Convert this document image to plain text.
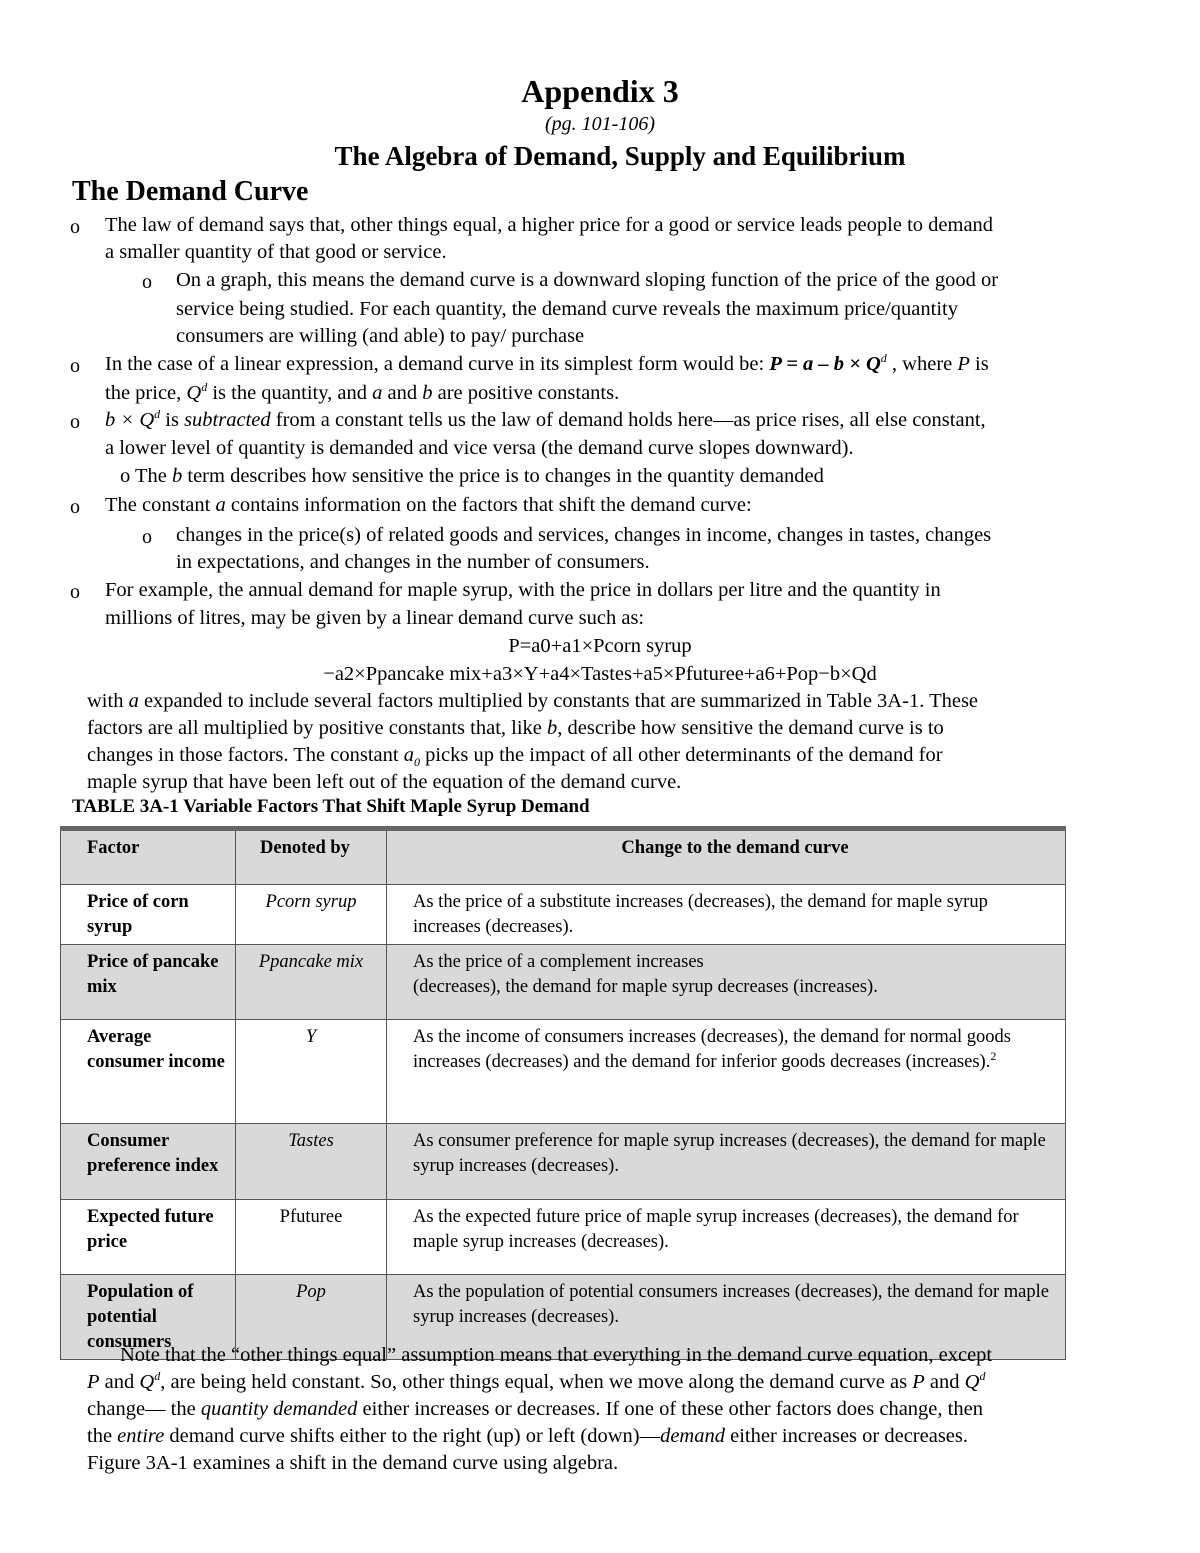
Appendix 3
(pg. 101-106)
The Algebra of Demand, Supply and Equilibrium
The Demand Curve
o The law of demand says that, other things equal, a higher price for a good or service leads people to demand
a smaller quantity of that good or service.
o On a graph, this means the demand curve is a downward sloping function of the price of the good or
service being studied. For each quantity, the demand curve reveals the maximum price/quantity
consumers are willing (and able) to pay/ purchase
o In the case of a linear expression, a demand curve in its simplest form would be: $P = a - b \times Q^d$ , where P is
the price, $Q^d$ is the quantity, and a and b are positive constants.
o $b \times Q^d$ is subtracted from a constant tells us the law of demand holds here—as price rises, all else constant,
a lower level of quantity is demanded and vice versa (the demand curve slopes downward).
o The b term describes how sensitive the price is to changes in the quantity demanded
o The constant a contains information on the factors that shift the demand curve:
o changes in the price(s) of related goods and services, changes in income, changes in tastes, changes
in expectations, and changes in the number of consumers.
o For example, the annual demand for maple syrup, with the price in dollars per litre and the quantity in
millions of litres, may be given by a linear demand curve such as:
P=a0+a1×Pcorn syrup
−a2×Ppancake mix+a3×Y+a4×Tastes+a5×Pfuturee+a6+Pop−b×Qd
with a expanded to include several factors multiplied by constants that are summarized in Table 3A-1. These
factors are all multiplied by positive constants that, like b, describe how sensitive the demand curve is to
changes in those factors. The constant $a_0$ picks up the impact of all other determinants of the demand for
maple syrup that have been left out of the equation of the demand curve.
TABLE 3A-1 Variable Factors That Shift Maple Syrup Demand
Factor	Denoted by	Change to the demand curve
Price of corn syrup	Pcorn syrup	As the price of a substitute increases (decreases), the demand for maple syrup increases (decreases).
Price of pancake mix	Ppancake mix	As the price of a complement increases
(decreases), the demand for maple syrup decreases (increases).

Average consumer income	Y	As the income of consumers increases (decreases), the demand for normal goods increases (decreases) and the demand for inferior goods decreases (increases).$^2$
Consumer preference index	Tastes	As consumer preference for maple syrup increases (decreases), the demand for maple syrup increases (decreases).
Expected future price	Pfuturee	As the expected future price of maple syrup increases (decreases), the demand for maple syrup increases (decreases).
Population of potential consumers	Pop	As the population of potential consumers increases (decreases), the demand for maple syrup increases (decreases).
Note that the “other things equal” assumption means that everything in the demand curve equation, except
P and $Q^d$, are being held constant. So, other things equal, when we move along the demand curve as P and $Q^d$
change— the quantity demanded either increases or decreases. If one of these other factors does change, then
the entire demand curve shifts either to the right (up) or left (down)—demand either increases or decreases.
Figure 3A-1 examines a shift in the demand curve using algebra.
